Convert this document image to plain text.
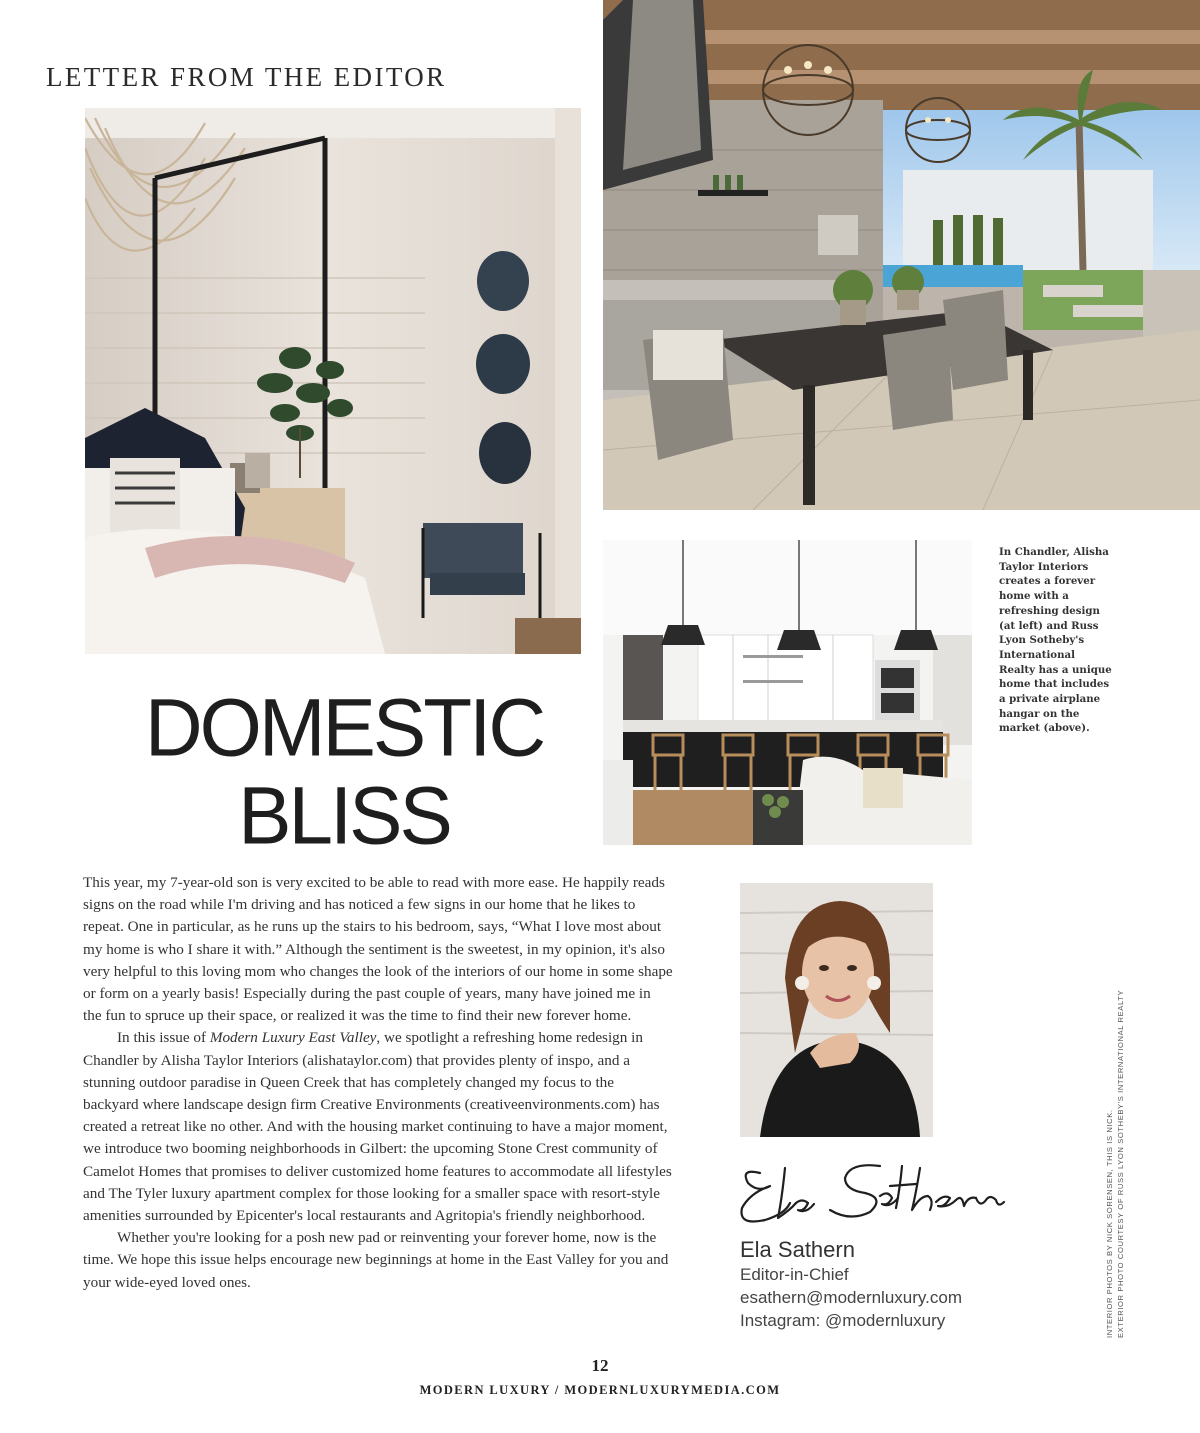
LETTER FROM THE EDITOR
In Chandler, Alisha Taylor Interiors creates a forever home with a refreshing design (at left) and Russ Lyon Sotheby's International Realty has a unique home that includes a private airplane hangar on the market (above).
DOMESTIC
BLISS

This year, my 7-year-old son is very excited to be able to read with more ease. He happily reads signs on the road while I'm driving and has noticed a few signs in our home that he likes to repeat. One in particular, as he runs up the stairs to his bedroom, says, “What I love most about my home is who I share it with.” Although the sentiment is the sweetest, in my opinion, it's also very helpful to this loving mom who changes the look of the interiors of our home in some shape or form on a yearly basis! Especially during the past couple of years, many have joined me in the fun to spruce up their space, or realized it was the time to find their new forever home.

In this issue of Modern Luxury East Valley, we spotlight a refreshing home redesign in Chandler by Alisha Taylor Interiors (alishataylor.com) that provides plenty of inspo, and a stunning outdoor paradise in Queen Creek that has completely changed my focus to the backyard where landscape design firm Creative Environments (creativeenvironments.com) has created a retreat like no other. And with the housing market continuing to have a major moment, we introduce two booming neighborhoods in Gilbert: the upcoming Stone Crest community of Camelot Homes that promises to deliver customized home features to accommodate all lifestyles and The Tyler luxury apartment complex for those looking for a smaller space with resort-style amenities surrounded by Epicenter's local restaurants and Agritopia's friendly neighborhood.

Whether you're looking for a posh new pad or reinventing your forever home, now is the time. We hope this issue helps encourage new beginnings at home in the East Valley for you and your wide-eyed loved ones.

Ela Sathern
Editor-in-Chief
esathern@modernluxury.com
Instagram: @modernluxury	INTERIOR PHOTOS BY NICK SORENSEN, THIS IS NICK. EXTERIOR PHOTO COURTESY OF RUSS LYON SOTHEBY'S INTERNATIONAL REALTY
12
MODERN LUXURY / MODERNLUXURYMEDIA.COM
